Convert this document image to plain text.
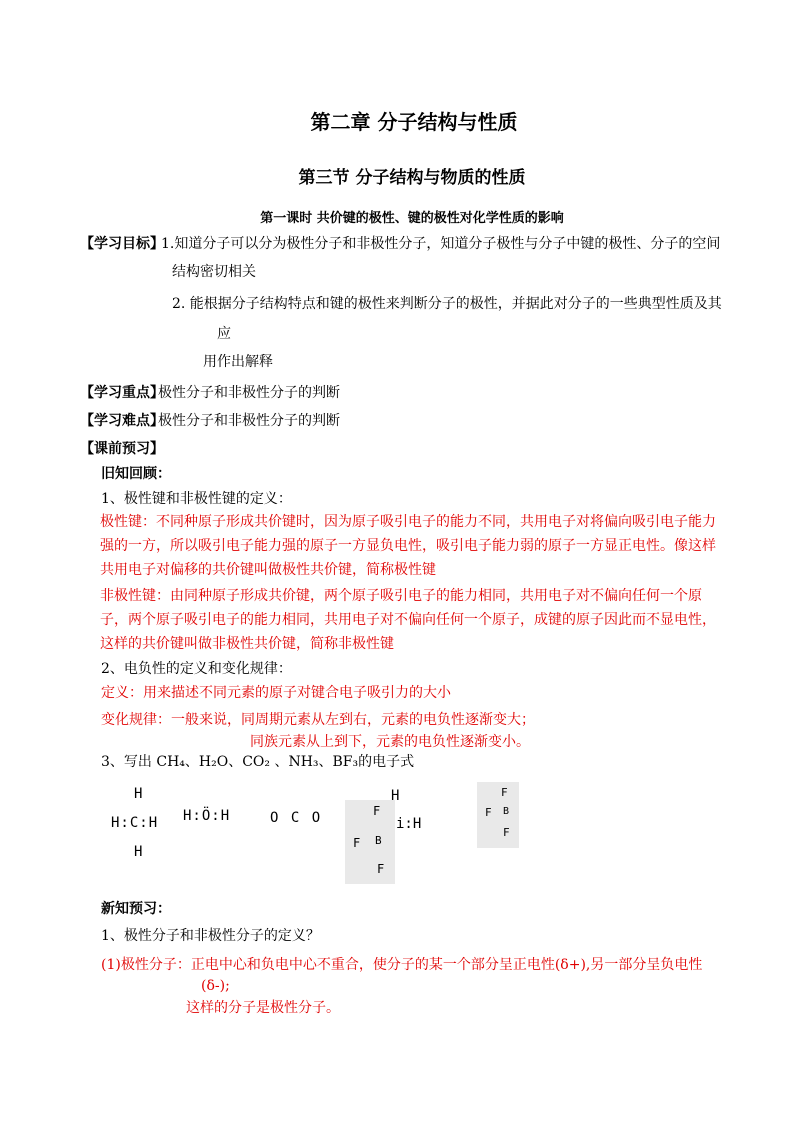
第二章 分子结构与性质
第三节 分子结构与物质的性质
第一课时 共价键的极性、键的极性对化学性质的影响
【学习目标】
1.知道分子可以分为极性分子和非极性分子，知道分子极性与分子中键的极性、分子的空间
结构密切相关
2. 能根据分子结构特点和键的极性来判断分子的极性，并据此对分子的一些典型性质及其
应
用作出解释
【学习重点】
极性分子和非极性分子的判断
【学习难点】
极性分子和非极性分子的判断
【课前预习】
旧知回顾：
1、极性键和非极性键的定义：
极性键：不同种原子形成共价键时，因为原子吸引电子的能力不同，共用电子对将偏向吸引电子能力强的一方，所以吸引电子能力强的原子一方显负电性，吸引电子能力弱的原子一方显正电性。像这样共用电子对偏移的共价键叫做极性共价键，简称极性键
非极性键：由同种原子形成共价键，两个原子吸引电子的能力相同，共用电子对不偏向任何一个原子，两个原子吸引电子的能力相同，共用电子对不偏向任何一个原子，成键的原子因此而不显电性，这样的共价键叫做非极性共价键，简称非极性键
2、电负性的定义和变化规律：
定义：用来描述不同元素的原子对键合电子吸引力的大小
变化规律：一般来说，同周期元素从左到右，元素的电负性逐渐变大；
同族元素从上到下，元素的电负性逐渐变小。
3、写出 CH₄、H₂O、CO₂ 、NH₃、BF₃的电子式
H
H:C:H
H
H:Ö:H	O C O	F
F B
F
H
i:H
F
F B
F
新知预习：
1、极性分子和非极性分子的定义？
(1)极性分子：正电中心和负电中心不重合，使分子的某一个部分呈正电性(δ+),另一部分呈负电性
(δ-);
这样的分子是极性分子。
